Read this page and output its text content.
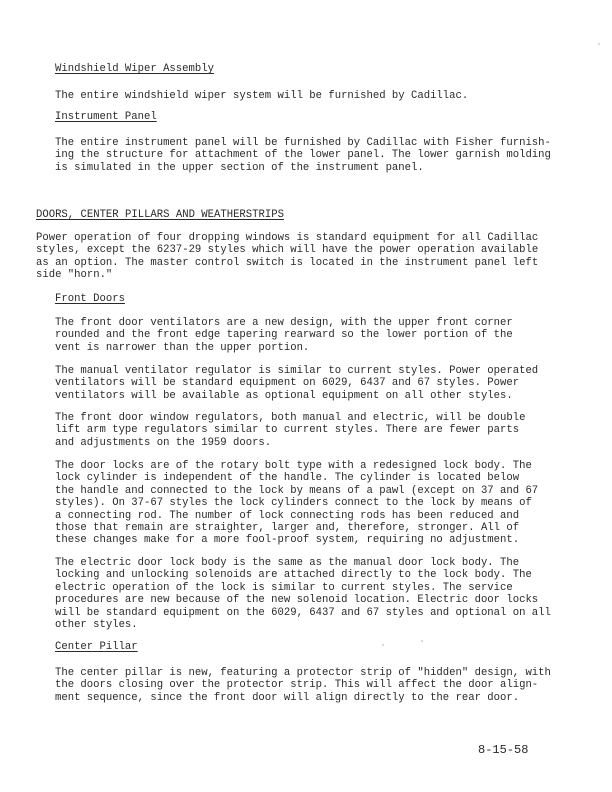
Windshield Wiper Assembly

The entire windshield wiper system will be furnished by Cadillac.

Instrument Panel

The entire instrument panel will be furnished by Cadillac with Fisher furnish-
ing the structure for attachment of the lower panel. The lower garnish molding
is simulated in the upper section of the instrument panel.

DOORS, CENTER PILLARS AND WEATHERSTRIPS

Power operation of four dropping windows is standard equipment for all Cadillac
styles, except the 6237-29 styles which will have the power operation available
as an option. The master control switch is located in the instrument panel left
side "horn."

Front Doors

The front door ventilators are a new design, with the upper front corner
rounded and the front edge tapering rearward so the lower portion of the
vent is narrower than the upper portion.

The manual ventilator regulator is similar to current styles. Power operated
ventilators will be standard equipment on 6029, 6437 and 67 styles. Power
ventilators will be available as optional equipment on all other styles.

The front door window regulators, both manual and electric, will be double
lift arm type regulators similar to current styles. There are fewer parts
and adjustments on the 1959 doors.

The door locks are of the rotary bolt type with a redesigned lock body. The
lock cylinder is independent of the handle. The cylinder is located below
the handle and connected to the lock by means of a pawl (except on 37 and 67
styles). On 37-67 styles the lock cylinders connect to the lock by means of
a connecting rod. The number of lock connecting rods has been reduced and
those that remain are straighter, larger and, therefore, stronger. All of
these changes make for a more fool-proof system, requiring no adjustment.

The electric door lock body is the same as the manual door lock body. The
locking and unlocking solenoids are attached directly to the lock body. The
electric operation of the lock is similar to current styles. The service
procedures are new because of the new solenoid location. Electric door locks
will be standard equipment on the 6029, 6437 and 67 styles and optional on all
other styles.

Center Pillar

The center pillar is new, featuring a protector strip of "hidden" design, with
the doors closing over the protector strip. This will affect the door align-
ment sequence, since the front door will align directly to the rear door.

8-15-58
